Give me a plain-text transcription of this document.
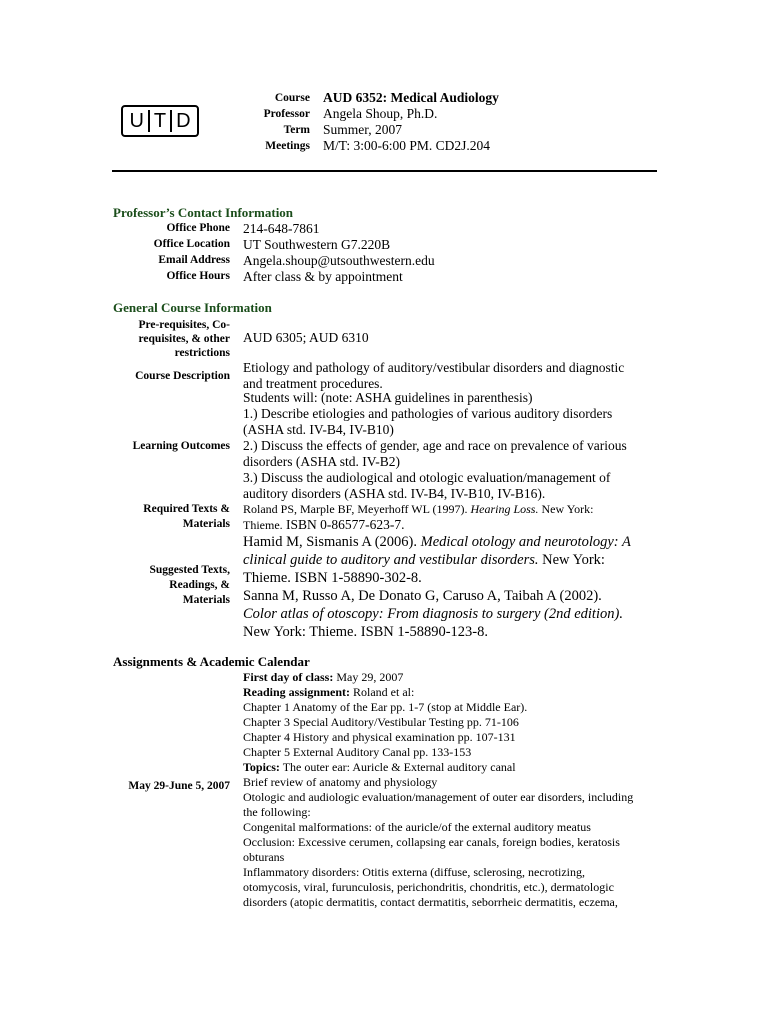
U T D
Course AUD 6352: Medical Audiology
Professor Angela Shoup, Ph.D.
Term Summer, 2007
Meetings M/T: 3:00-6:00 PM. CD2J.204
Professor’s Contact Information
Office Phone 214-648-7861
Office Location UT Southwestern G7.220B
Email Address Angela.shoup@utsouthwestern.edu
Office Hours After class & by appointment
General Course Information
Pre-requisites, Co-
requisites, & other
restrictions
AUD 6305; AUD 6310
Course Description
Etiology and pathology of auditory/vestibular disorders and diagnostic
and treatment procedures.
Learning Outcomes
Students will: (note: ASHA guidelines in parenthesis)
1.) Describe etiologies and pathologies of various auditory disorders
(ASHA std. IV-B4, IV-B10)
2.) Discuss the effects of gender, age and race on prevalence of various
disorders (ASHA std. IV-B2)
3.) Discuss the audiological and otologic evaluation/management of
auditory disorders (ASHA std. IV-B4, IV-B10, IV-B16).
Required Texts &
Materials
Roland PS, Marple BF, Meyerhoff WL (1997). Hearing Loss. New York:
Thieme. ISBN 0-86577-623-7.
Suggested Texts,
Readings, &
Materials
Hamid M, Sismanis A (2006). Medical otology and neurotology: A
clinical guide to auditory and vestibular disorders. New York:
Thieme. ISBN 1-58890-302-8.
Sanna M, Russo A, De Donato G, Caruso A, Taibah A (2002).
Color atlas of otoscopy: From diagnosis to surgery (2nd edition).
New York: Thieme. ISBN 1-58890-123-8.
Assignments & Academic Calendar
May 29-June 5, 2007
First day of class: May 29, 2007
Reading assignment: Roland et al:
Chapter 1 Anatomy of the Ear pp. 1-7 (stop at Middle Ear).
Chapter 3 Special Auditory/Vestibular Testing pp. 71-106
Chapter 4 History and physical examination pp. 107-131
Chapter 5 External Auditory Canal pp. 133-153
Topics: The outer ear: Auricle & External auditory canal
Brief review of anatomy and physiology
Otologic and audiologic evaluation/management of outer ear disorders, including
the following:
Congenital malformations: of the auricle/of the external auditory meatus
Occlusion: Excessive cerumen, collapsing ear canals, foreign bodies, keratosis
obturans
Inflammatory disorders: Otitis externa (diffuse, sclerosing, necrotizing,
otomycosis, viral, furunculosis, perichondritis, chondritis, etc.), dermatologic
disorders (atopic dermatitis, contact dermatitis, seborrheic dermatitis, eczema,
